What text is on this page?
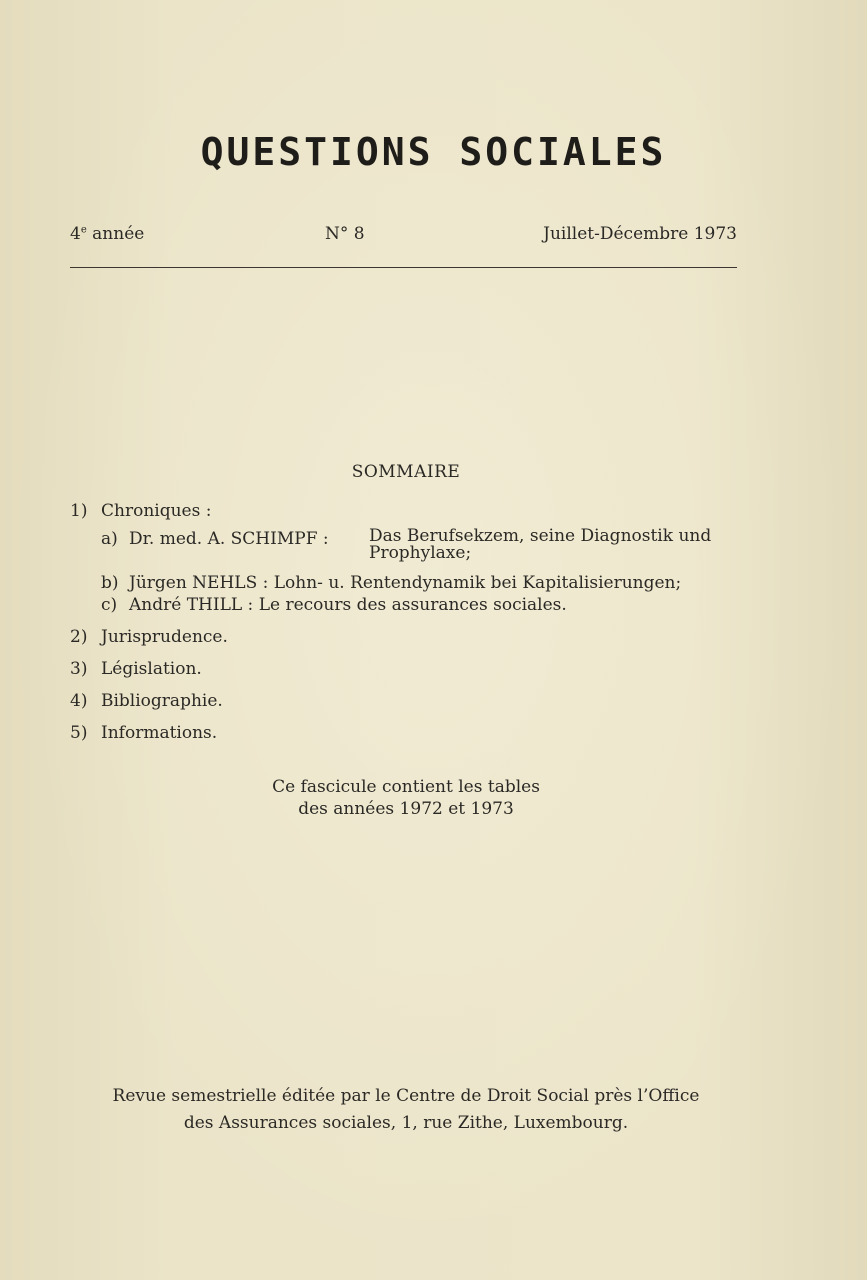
QUESTIONS SOCIALES
4e année	N° 8	Juillet-Décembre 1973
SOMMAIRE
1) Chroniques :
a) Dr. med. A. SCHIMPF : Das Berufsekzem, seine Diagnostik und
Prophylaxe;
b) Jürgen NEHLS : Lohn- u. Rentendynamik bei Kapitalisierungen;
c) André THILL : Le recours des assurances sociales.
2) Jurisprudence.
3) Législation.
4) Bibliographie.
5) Informations.
Ce fascicule contient les tables
des années 1972 et 1973
Revue semestrielle éditée par le Centre de Droit Social près l’Office
des Assurances sociales, 1, rue Zithe, Luxembourg.
